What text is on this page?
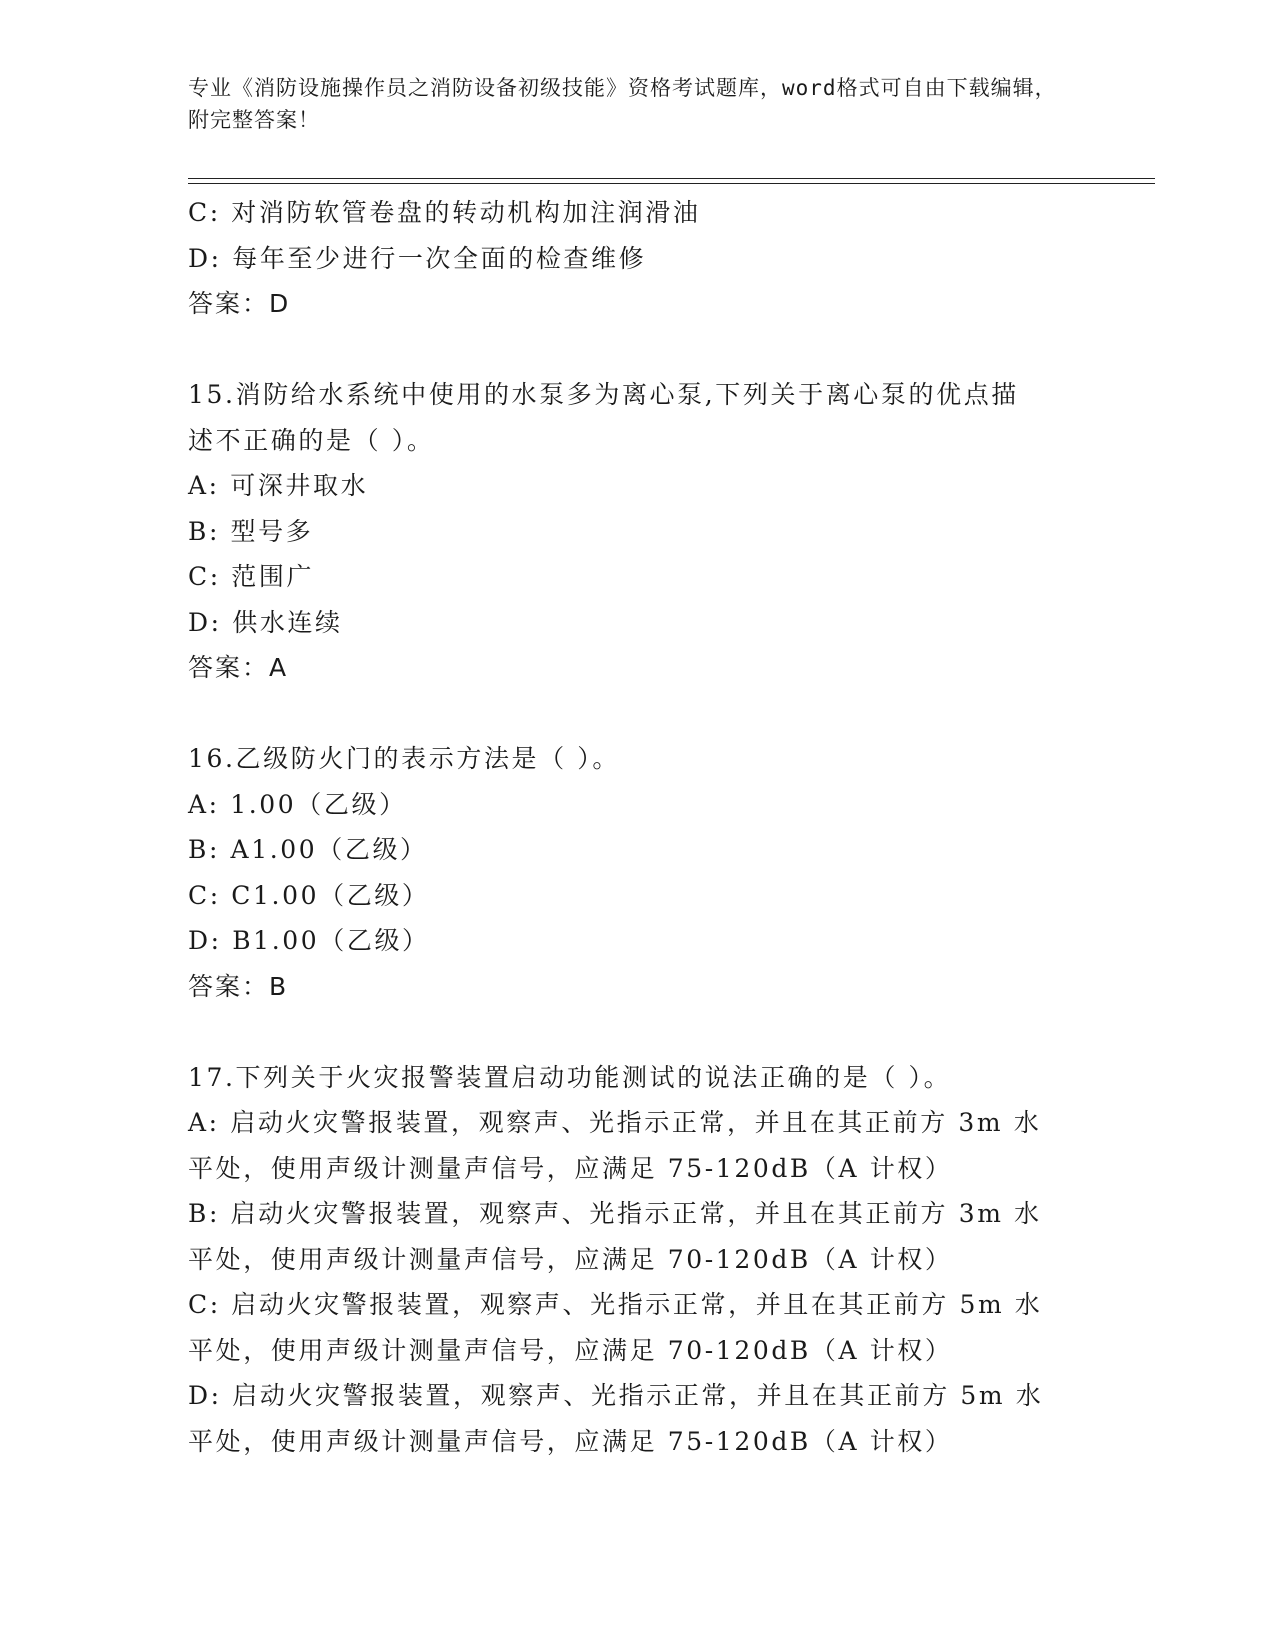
专业《消防设施操作员之消防设备初级技能》资格考试题库，word格式可自由下载编辑，附完整答案！
C: 对消防软管卷盘的转动机构加注润滑油
D: 每年至少进行一次全面的检查维修
答案：D
15.消防给水系统中使用的水泵多为离心泵,下列关于离心泵的优点描
述不正确的是（ ）。
A: 可深井取水
B: 型号多
C: 范围广
D: 供水连续
答案：A
16.乙级防火门的表示方法是（ ）。
A: 1.00（乙级）
B: A1.00（乙级）
C: C1.00（乙级）
D: B1.00（乙级）
答案：B
17.下列关于火灾报警装置启动功能测试的说法正确的是（ ）。
A: 启动火灾警报装置，观察声、光指示正常，并且在其正前方 3m 水
平处，使用声级计测量声信号，应满足 75-120dB（A 计权）
B: 启动火灾警报装置，观察声、光指示正常，并且在其正前方 3m 水
平处，使用声级计测量声信号，应满足 70-120dB（A 计权）
C: 启动火灾警报装置，观察声、光指示正常，并且在其正前方 5m 水
平处，使用声级计测量声信号，应满足 70-120dB（A 计权）
D: 启动火灾警报装置，观察声、光指示正常，并且在其正前方 5m 水
平处，使用声级计测量声信号，应满足 75-120dB（A 计权）
